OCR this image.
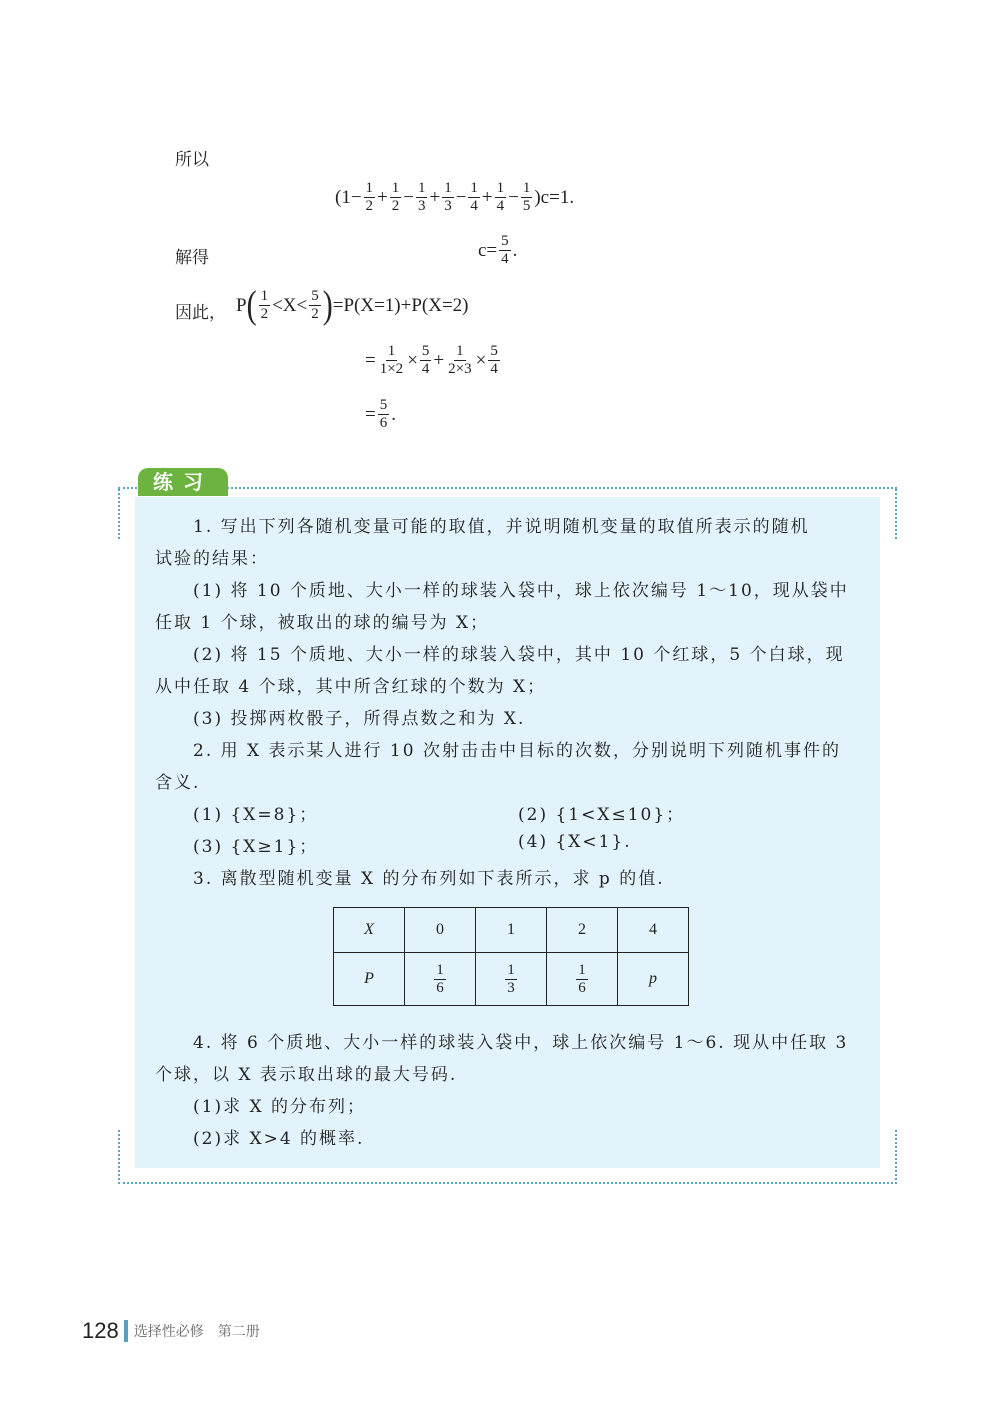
所以
$(1- \frac{1}{2} + \frac{1}{2} - \frac{1}{3} + \frac{1}{3} - \frac{1}{4} + \frac{1}{4} - \frac{1}{5} )c=1$.
解得	$c= \frac{5}{4}$ .
因此， P ( $\frac{1}{2} <X< \frac{5}{2}$ ) =P(X=1)+P(X=2)
= $\frac{1}{1\times 2} \times \frac{5}{4} + \frac{1}{2\times 3} \times \frac{5}{4}$
= $\frac{5}{6}$ .
练习
1. 写出下列各随机变量可能的取值，并说明随机变量的取值所表示的随机
试验的结果：
(1) 将 10 个质地、大小一样的球装入袋中，球上依次编号 1～10，现从袋中
任取 1 个球，被取出的球的编号为 X；
(2) 将 15 个质地、大小一样的球装入袋中，其中 10 个红球，5 个白球，现
从中任取 4 个球，其中所含红球的个数为 X；
(3) 投掷两枚骰子，所得点数之和为 X.
2. 用 X 表示某人进行 10 次射击击中目标的次数，分别说明下列随机事件的
含义.
(1) {X=8}；	(2) {1<X≤10}；
(3) {X≥1}；	(4) {X<1}.
3. 离散型随机变量 X 的分布列如下表所示，求 p 的值.
X	0	1	2	4
P	$\frac{1}{6}$	$\frac{1}{3}$	$\frac{1}{6}$	p
4. 将 6 个质地、大小一样的球装入袋中，球上依次编号 1～6. 现从中任取 3
个球，以 X 表示取出球的最大号码.
(1)求 X 的分布列；
(2)求 X>4 的概率.
128 选择性必修　第二册
